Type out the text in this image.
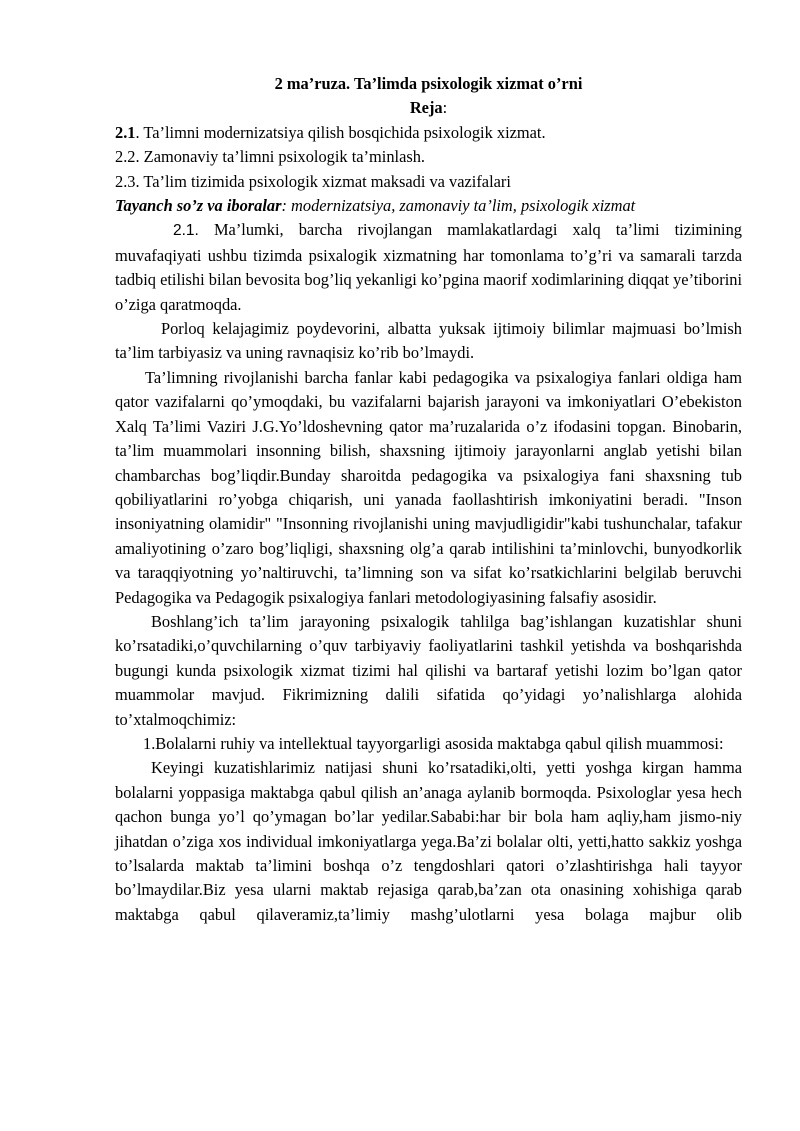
2 ma’ruza. Ta’limda psixologik xizmat o’rni

Reja:

2.1. Ta’limni modernizatsiya qilish bosqichida psixologik xizmat.

2.2. Zamonaviy ta’limni psixologik ta’minlash.

2.3. Ta’lim tizimida psixologik xizmat maksadi va vazifalari

Tayanch so’z va iboralar: modernizatsiya, zamonaviy ta’lim, psixologik xizmat

2.1. Ma’lumki, barcha rivojlangan mamlakatlardagi xalq ta’limi tizimining muvafaqiyati ushbu tizimda psixalogik xizmatning har tomonlama to’g’ri va samarali tarzda tadbiq etilishi bilan bevosita bog’liq yekanligi ko’pgina maorif xodimlarining diqqat ye’tiborini o’ziga qaratmoqda.

Porloq kelajagimiz poydevorini, albatta yuksak ijtimoiy bilimlar majmuasi bo’lmish ta’lim tarbiyasiz va uning ravnaqisiz ko’rib bo’lmaydi.

Ta’limning rivojlanishi barcha fanlar kabi pedagogika va psixalogiya fanlari oldiga ham qator vazifalarni qo’ymoqdaki, bu vazifalarni bajarish jarayoni va imkoniyatlari O’ebekiston Xalq Ta’limi Vaziri J.G.Yo’ldoshevning qator ma’ruzalarida o’z ifodasini topgan. Binobarin, ta’lim muammolari insonning bilish, shaxsning ijtimoiy jarayonlarni anglab yetishi bilan chambarchas bog’liqdir.Bunday sharoitda pedagogika va psixalogiya fani shaxsning tub qobiliyatlarini ro’yobga chiqarish, uni yanada faollashtirish imkoniyatini beradi. "Inson insoniyatning olamidir" "Insonning rivojlanishi uning mavjudligidir"kabi tushunchalar, tafakur amaliyotining o’zaro bog’liqligi, shaxsning olg’a qarab intilishini ta’minlovchi, bunyodkorlik va taraqqiyotning yo’naltiruvchi, ta’limning son va sifat ko’rsatkichlarini belgilab beruvchi Pedagogika va Pedagogik psixalogiya fanlari metodologiyasining falsafiy asosidir.

Boshlang’ich ta’lim jarayoning psixalogik tahlilga bag’ishlangan kuzatishlar shuni ko’rsatadiki,o’quvchilarning o’quv tarbiyaviy faoliyatlarini tashkil yetishda va boshqarishda bugungi kunda psixologik xizmat tizimi hal qilishi va bartaraf yetishi lozim bo’lgan qator muammolar mavjud. Fikrimizning dalili sifatida qo’yidagi yo’nalishlarga alohida to’xtalmoqchimiz:

1.Bolalarni ruhiy va intellektual tayyorgarligi asosida maktabga qabul qilish muammosi:

Keyingi kuzatishlarimiz natijasi shuni ko’rsatadiki,olti, yetti yoshga kirgan hamma bolalarni yoppasiga maktabga qabul qilish an’anaga aylanib bormoqda. Psixologlar yesa hech qachon bunga yo’l qo’ymagan bo’lar yedilar.Sababi:har bir bola ham aqliy,ham jismo-niy jihatdan o’ziga xos individual imkoniyatlarga yega.Ba’zi bolalar olti, yetti,hatto sakkiz yoshga to’lsalarda maktab ta’limini boshqa o’z tengdoshlari qatori o’zlashtirishga hali tayyor bo’lmaydilar.Biz yesa ularni maktab rejasiga qarab,ba’zan ota onasining xohishiga qarab maktabga qabul qilaveramiz,ta’limiy mashg’ulotlarni yesa bolaga majbur olib
